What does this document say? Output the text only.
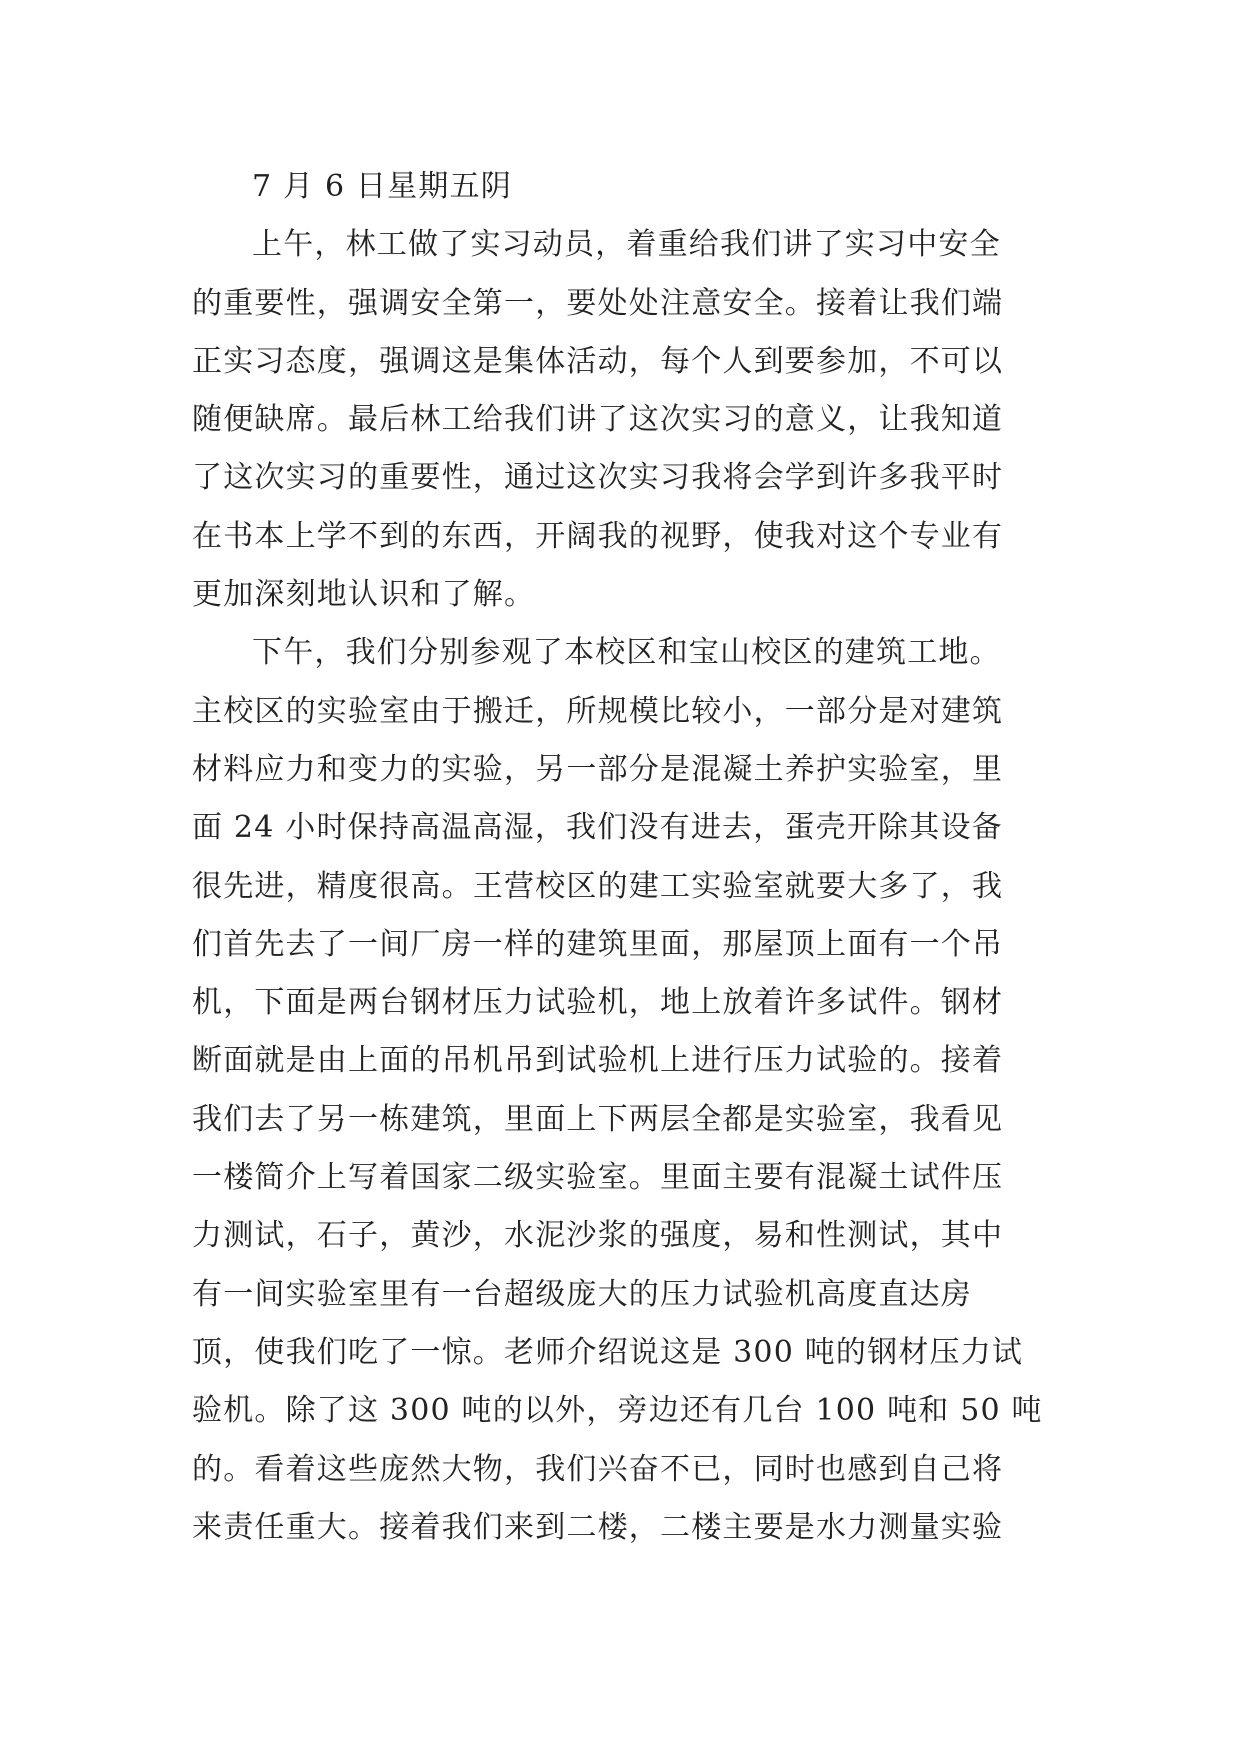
7 月 6 日星期五阴
上午，林工做了实习动员，着重给我们讲了实习中安全
的重要性，强调安全第一，要处处注意安全。接着让我们端
正实习态度，强调这是集体活动，每个人到要参加，不可以
随便缺席。最后林工给我们讲了这次实习的意义，让我知道
了这次实习的重要性，通过这次实习我将会学到许多我平时
在书本上学不到的东西，开阔我的视野，使我对这个专业有
更加深刻地认识和了解。
下午，我们分别参观了本校区和宝山校区的建筑工地。
主校区的实验室由于搬迁，所规模比较小，一部分是对建筑
材料应力和变力的实验，另一部分是混凝土养护实验室，里
面 24 小时保持高温高湿，我们没有进去，蛋壳开除其设备
很先进，精度很高。王营校区的建工实验室就要大多了，我
们首先去了一间厂房一样的建筑里面，那屋顶上面有一个吊
机，下面是两台钢材压力试验机，地上放着许多试件。钢材
断面就是由上面的吊机吊到试验机上进行压力试验的。接着
我们去了另一栋建筑，里面上下两层全都是实验室，我看见
一楼简介上写着国家二级实验室。里面主要有混凝土试件压
力测试，石子，黄沙，水泥沙浆的强度，易和性测试，其中
有一间实验室里有一台超级庞大的压力试验机高度直达房
顶，使我们吃了一惊。老师介绍说这是 300 吨的钢材压力试
验机。除了这 300 吨的以外，旁边还有几台 100 吨和 50 吨
的。看着这些庞然大物，我们兴奋不已，同时也感到自己将
来责任重大。接着我们来到二楼，二楼主要是水力测量实验
